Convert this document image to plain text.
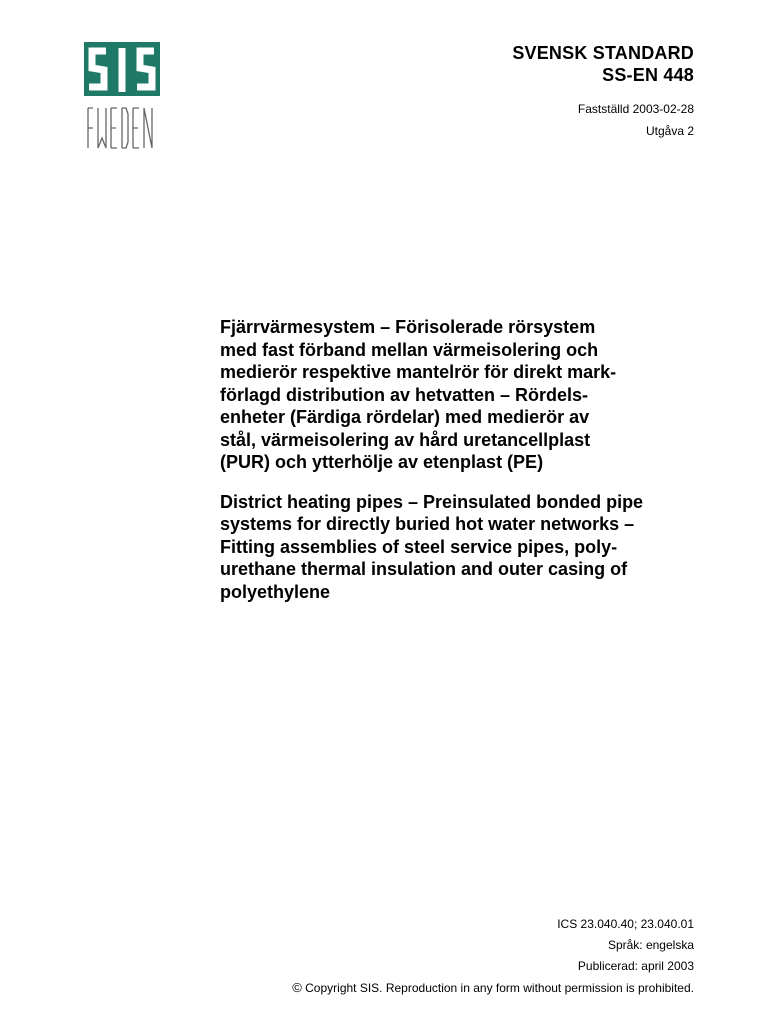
SVENSK STANDARD
SS-EN 448
Fastställd 2003-02-28
Utgåva 2
Fjärrvärmesystem – Förisolerade rörsystem
med fast förband mellan värmeisolering och
medierör respektive mantelrör för direkt mark-
förlagd distribution av hetvatten – Rördels-
enheter (Färdiga rördelar) med medierör av
stål, värmeisolering av hård uretancellplast
(PUR) och ytterhölje av etenplast (PE)
District heating pipes – Preinsulated bonded pipe
systems for directly buried hot water networks –
Fitting assemblies of steel service pipes, poly-
urethane thermal insulation and outer casing of
polyethylene
ICS 23.040.40; 23.040.01
Språk: engelska
Publicerad: april 2003
© Copyright SIS. Reproduction in any form without permission is prohibited.
